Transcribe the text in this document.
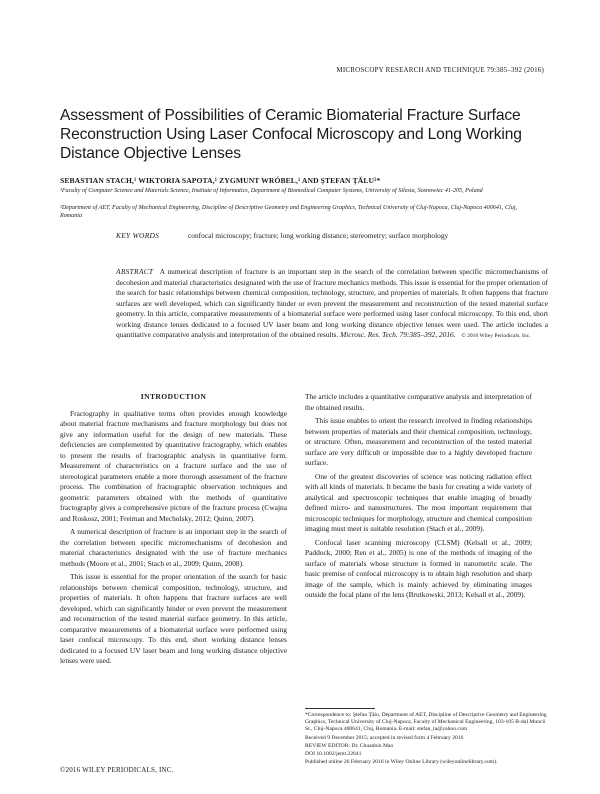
MICROSCOPY RESEARCH AND TECHNIQUE 79:385–392 (2016)
Assessment of Possibilities of Ceramic Biomaterial Fracture Surface Reconstruction Using Laser Confocal Microscopy and Long Working Distance Objective Lenses
SEBASTIAN STACH,¹ WIKTORIA SAPOTA,¹ ZYGMUNT WRÓBEL,¹ AND ŞTEFAN ŢĂLU²*
¹Faculty of Computer Science and Materials Science, Institute of Informatics, Department of Biomedical Computer Systems, University of Silesia, Sosnowiec 41-205, Poland
²Department of AET, Faculty of Mechanical Engineering, Discipline of Descriptive Geometry and Engineering Graphics, Technical University of Cluj-Napoca, Cluj-Napoca 400641, Cluj, Romania
KEY WORDS	confocal microscopy; fracture; long working distance; stereometry; surface morphology

ABSTRACT A numerical description of fracture is an important step in the search of the correlation between specific micromechanisms of decohesion and material characteristics designated with the use of fracture mechanics methods. This issue is essential for the proper orientation of the search for basic relationships between chemical composition, technology, structure, and properties of materials. It often happens that fracture surfaces are well developed, which can significantly hinder or even prevent the measurement and reconstruction of the tested material surface geometry. In this article, comparative measurements of a biomaterial surface were performed using laser confocal microscopy. To this end, short working distance lenses dedicated to a focused UV laser beam and long working distance objective lenses were used. The article includes a quantitative comparative analysis and interpretation of the obtained results. Microsc. Res. Tech. 79:385–392, 2016. © 2016 Wiley Periodicals, Inc.

INTRODUCTION

Fractography in qualitative terms often provides enough knowledge about material fracture mechanisms and fracture morphology but does not give any information useful for the design of new materials. These deficiencies are complemented by quantitative fractography, which enables to present the results of fractographic analysis in quantitative form. Measurement of characteristics on a fracture surface and the use of stereological parameters enable a more thorough assessment of the fracture process. The combination of fractographic observation techniques and geometric parameters obtained with the methods of quantitative fractography gives a comprehensive picture of the fracture process (Cwajna and Roskosz, 2001; Freiman and Mecholsky, 2012; Quinn, 2007).

A numerical description of fracture is an important step in the search of the correlation between specific micromechanisms of decohesion and material characteristics designated with the use of fracture mechanics methods (Moore et al., 2001; Stach et al., 2009; Quinn, 2008).

This issue is essential for the proper orientation of the search for basic relationships between chemical composition, technology, structure, and properties of materials. It often happens that fracture surfaces are well developed, which can significantly hinder or even prevent the measurement and reconstruction of the tested material surface geometry. In this article, comparative measurements of a biomaterial surface were performed using laser confocal microscopy. To this end, short working distance lenses dedicated to a focused UV laser beam and long working distance objective lenses were used.

The article includes a quantitative comparative analysis and interpretation of the obtained results.

This issue enables to orient the research involved in finding relationships between properties of materials and their chemical composition, technology, or structure. Often, measurement and reconstruction of the tested material surface are very difficult or impossible due to a highly developed fracture surface.

One of the greatest discoveries of science was noticing radiation effect with all kinds of materials. It became the basis for creating a wide variety of analytical and spectroscopic techniques that enable imaging of broadly defined micro- and nanostructures. The most important requirement that microscopic techniques for morphology, structure and chemical composition imaging must meet is suitable resolution (Stach et al., 2009).

Confocal laser scanning microscopy (CLSM) (Kelsall et al., 2009; Paddock, 2000; Ren et al., 2005) is one of the methods of imaging of the surface of materials whose structure is formed in nanometric scale. The basic premise of confocal microscopy is to obtain high resolution and sharp image of the sample, which is mainly achieved by eliminating images outside the focal plane of the lens (Brutkowski, 2013; Kelsall et al., 2009).

*Correspondence to: Ştefan Ţălu, Department of AET, Discipline of Descriptive Geometry and Engineering Graphics, Technical University of Cluj-Napoca, Faculty of Mechanical Engineering, 103-105 B-dul Muncii St., Cluj-Napoca 400641, Cluj, Romania. E-mail: stefan_ta@yahoo.com

Received 9 December 2015; accepted in revised form 4 February 2016

REVIEW EDITOR: Dr. Chuanbin Mao

DOI 10.1002/jemt.22641

Published online 26 February 2016 in Wiley Online Library (wileyonlinelibrary.com).

©2016 WILEY PERIODICALS, INC.
